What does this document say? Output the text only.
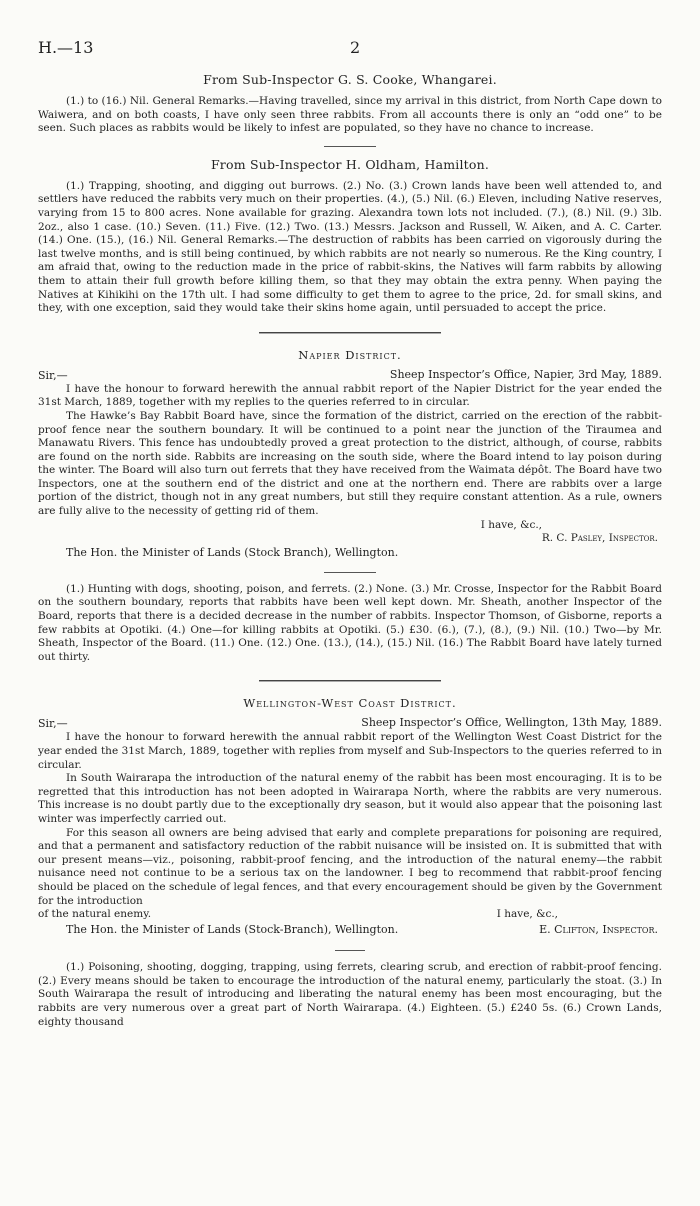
H.—13	2
From Sub-Inspector G. S. Cooke, Whangarei.

(1.) to (16.) Nil. General Remarks.—Having travelled, since my arrival in this district, from North Cape down to Waiwera, and on both coasts, I have only seen three rabbits. From all accounts there is only an “odd one” to be seen. Such places as rabbits would be likely to infest are populated, so they have no chance to increase.

From Sub-Inspector H. Oldham, Hamilton.

(1.) Trapping, shooting, and digging out burrows. (2.) No. (3.) Crown lands have been well attended to, and settlers have reduced the rabbits very much on their properties. (4.), (5.) Nil. (6.) Eleven, including Native reserves, varying from 15 to 800 acres. None available for grazing. Alexandra town lots not included. (7.), (8.) Nil. (9.) 3lb. 2oz., also 1 case. (10.) Seven. (11.) Five. (12.) Two. (13.) Messrs. Jackson and Russell, W. Aiken, and A. C. Carter. (14.) One. (15.), (16.) Nil. General Remarks.—The destruction of rabbits has been carried on vigorously during the last twelve months, and is still being continued, by which rabbits are not nearly so numerous. Re the King country, I am afraid that, owing to the reduction made in the price of rabbit-skins, the Natives will farm rabbits by allowing them to attain their full growth before killing them, so that they may obtain the extra penny. When paying the Natives at Kihikihi on the 17th ult. I had some difficulty to get them to agree to the price, 2d. for small skins, and they, with one exception, said they would take their skins home again, until persuaded to accept the price.

Napier District.
Sir,—	Sheep Inspector’s Office, Napier, 3rd May, 1889.

I have the honour to forward herewith the annual rabbit report of the Napier District for the year ended the 31st March, 1889, together with my replies to the queries referred to in circular.

The Hawke’s Bay Rabbit Board have, since the formation of the district, carried on the erection of the rabbit-proof fence near the southern boundary. It will be continued to a point near the junction of the Tiraumea and Manawatu Rivers. This fence has undoubtedly proved a great protection to the district, although, of course, rabbits are found on the north side. Rabbits are increasing on the south side, where the Board intend to lay poison during the winter. The Board will also turn out ferrets that they have received from the Waimata dépôt. The Board have two Inspectors, one at the southern end of the district and one at the northern end. There are rabbits over a large portion of the district, though not in any great numbers, but still they require constant attention. As a rule, owners are fully alive to the necessity of getting rid of them.

I have, &c.,
R. C. Pasley, Inspector.
The Hon. the Minister of Lands (Stock Branch), Wellington.

(1.) Hunting with dogs, shooting, poison, and ferrets. (2.) None. (3.) Mr. Crosse, Inspector for the Rabbit Board on the southern boundary, reports that rabbits have been well kept down. Mr. Sheath, another Inspector of the Board, reports that there is a decided decrease in the number of rabbits. Inspector Thomson, of Gisborne, reports a few rabbits at Opotiki. (4.) One—for killing rabbits at Opotiki. (5.) £30. (6.), (7.), (8.), (9.) Nil. (10.) Two—by Mr. Sheath, Inspector of the Board. (11.) One. (12.) One. (13.), (14.), (15.) Nil. (16.) The Rabbit Board have lately turned out thirty.

Wellington-West Coast District.
Sir,—	Sheep Inspector’s Office, Wellington, 13th May, 1889.

I have the honour to forward herewith the annual rabbit report of the Wellington West Coast District for the year ended the 31st March, 1889, together with replies from myself and Sub-Inspectors to the queries referred to in circular.

In South Wairarapa the introduction of the natural enemy of the rabbit has been most encouraging. It is to be regretted that this introduction has not been adopted in Wairarapa North, where the rabbits are very numerous. This increase is no doubt partly due to the exceptionally dry season, but it would also appear that the poisoning last winter was imperfectly carried out.

For this season all owners are being advised that early and complete preparations for poisoning are required, and that a permanent and satisfactory reduction of the rabbit nuisance will be insisted on. It is submitted that with our present means—viz., poisoning, rabbit-proof fencing, and the introduction of the natural enemy—the rabbit nuisance need not continue to be a serious tax on the landowner. I beg to recommend that rabbit-proof fencing should be placed on the schedule of legal fences, and that every encouragement should be given by the Government for the introduction

of the natural enemy.	I have, &c.,
The Hon. the Minister of Lands (Stock-Branch), Wellington.	E. Clifton, Inspector.

(1.) Poisoning, shooting, dogging, trapping, using ferrets, clearing scrub, and erection of rabbit-proof fencing. (2.) Every means should be taken to encourage the introduction of the natural enemy, particularly the stoat. (3.) In South Wairarapa the result of introducing and liberating the natural enemy has been most encouraging, but the rabbits are very numerous over a great part of North Wairarapa. (4.) Eighteen. (5.) £240 5s. (6.) Crown Lands, eighty thousand
